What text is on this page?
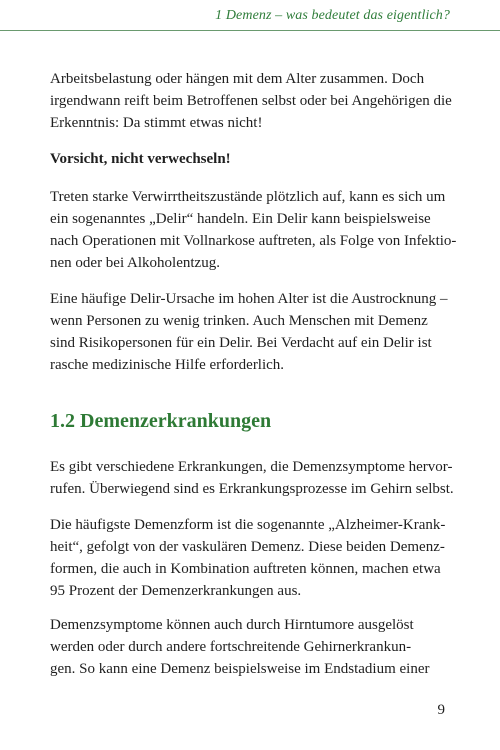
1 Demenz – was bedeutet das eigentlich?
Arbeitsbelastung oder hängen mit dem Alter zusammen. Doch
irgendwann reift beim Betroffenen selbst oder bei Angehörigen die
Erkenntnis: Da stimmt etwas nicht!
Vorsicht, nicht verwechseln!
Treten starke Verwirrtheitszustände plötzlich auf, kann es sich um
ein sogenanntes „Delir“ handeln. Ein Delir kann beispielsweise
nach Operationen mit Vollnarkose auftreten, als Folge von Infektio-
nen oder bei Alkoholentzug.
Eine häufige Delir-Ursache im hohen Alter ist die Austrocknung –
wenn Personen zu wenig trinken. Auch Menschen mit Demenz
sind Risikopersonen für ein Delir. Bei Verdacht auf ein Delir ist
rasche medizinische Hilfe erforderlich.
1.2 Demenzerkrankungen
Es gibt verschiedene Erkrankungen, die Demenzsymptome hervor-
rufen. Überwiegend sind es Erkrankungsprozesse im Gehirn selbst.
Die häufigste Demenzform ist die sogenannte „Alzheimer-Krank-
heit“, gefolgt von der vaskulären Demenz. Diese beiden Demenz-
formen, die auch in Kombination auftreten können, machen etwa
95 Prozent der Demenzerkrankungen aus.
Demenzsymptome können auch durch Hirntumore ausgelöst
werden oder durch andere fortschreitende Gehirnerkrankun-
gen. So kann eine Demenz beispielsweise im Endstadium einer
9
